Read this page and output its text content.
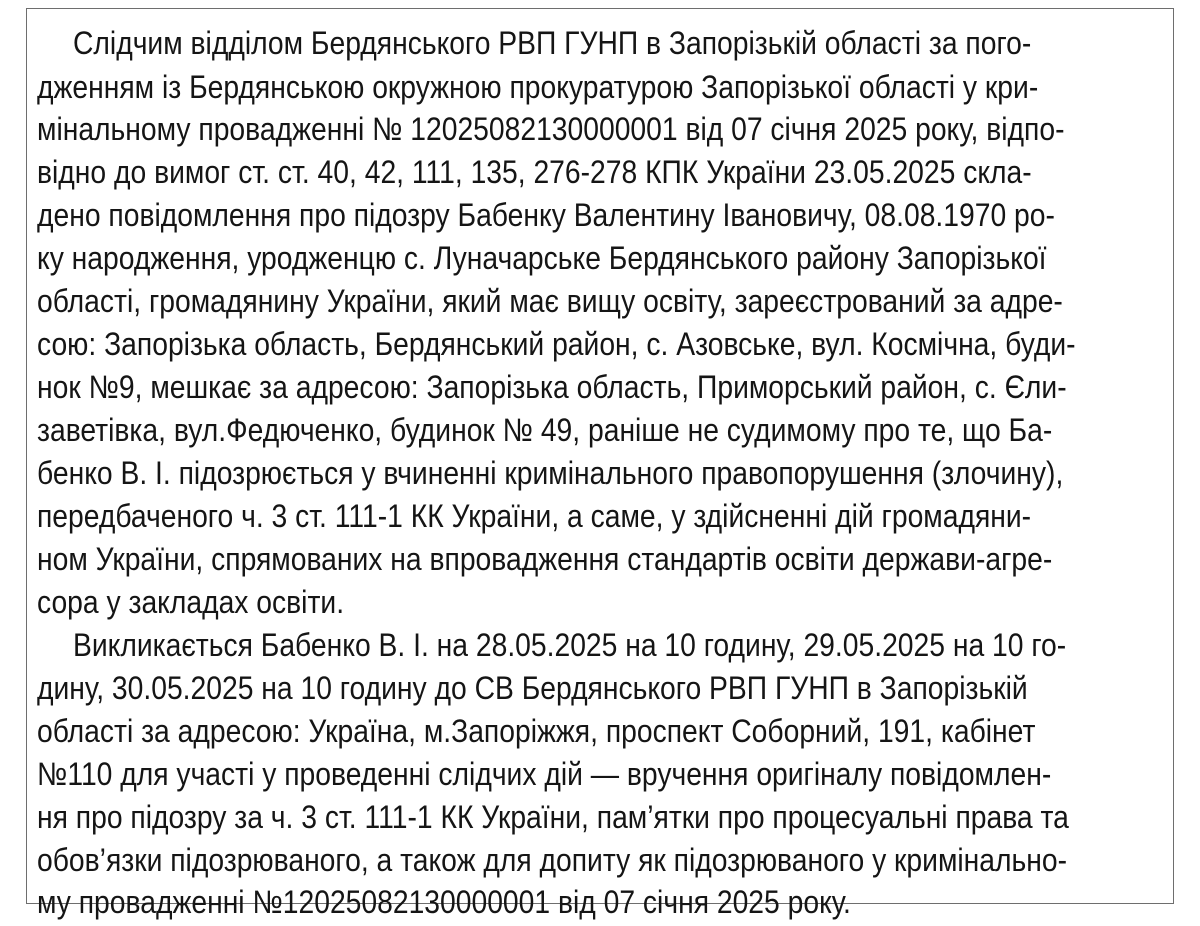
Слідчим відділом Бердянського РВП ГУНП в Запорізькій області за пого-
дженням із Бердянською окружною прокуратурою Запорізької області у кри-
мінальному провадженні № 12025082130000001 від 07 січня 2025 року, відпо-
відно до вимог ст. ст. 40, 42, 111, 135, 276-278 КПК України 23.05.2025 скла-
дено повідомлення про підозру Бабенку Валентину Івановичу, 08.08.1970 ро-
ку народження, уродженцю с. Луначарське Бердянського району Запорізької
області, громадянину України, який має вищу освіту, зареєстрований за адре-
сою: Запорізька область, Бердянський район, с. Азовське, вул. Космічна, буди-
нок №9, мешкає за адресою: Запорізька область, Приморський район, с. Єли-
заветівка, вул.Федюченко, будинок № 49, раніше не судимому про те, що Ба-
бенко В. І. підозрюється у вчиненні кримінального правопорушення (злочину),
передбаченого ч. 3 ст. 111-1 КК України, а саме, у здійсненні дій громадяни-
ном України, спрямованих на впровадження стандартів освіти держави-агре-
сора у закладах освіти.
Викликається Бабенко В. І. на 28.05.2025 на 10 годину, 29.05.2025 на 10 го-
дину, 30.05.2025 на 10 годину до СВ Бердянського РВП ГУНП в Запорізькій
області за адресою: Україна, м.Запоріжжя, проспект Соборний, 191, кабінет
№110 для участі у проведенні слідчих дій — вручення оригіналу повідомлен-
ня про підозру за ч. 3 ст. 111-1 КК України, пам’ятки про процесуальні права та
обов’язки підозрюваного, а також для допиту як підозрюваного у кримінально-
му провадженні №12025082130000001 від 07 січня 2025 року.
